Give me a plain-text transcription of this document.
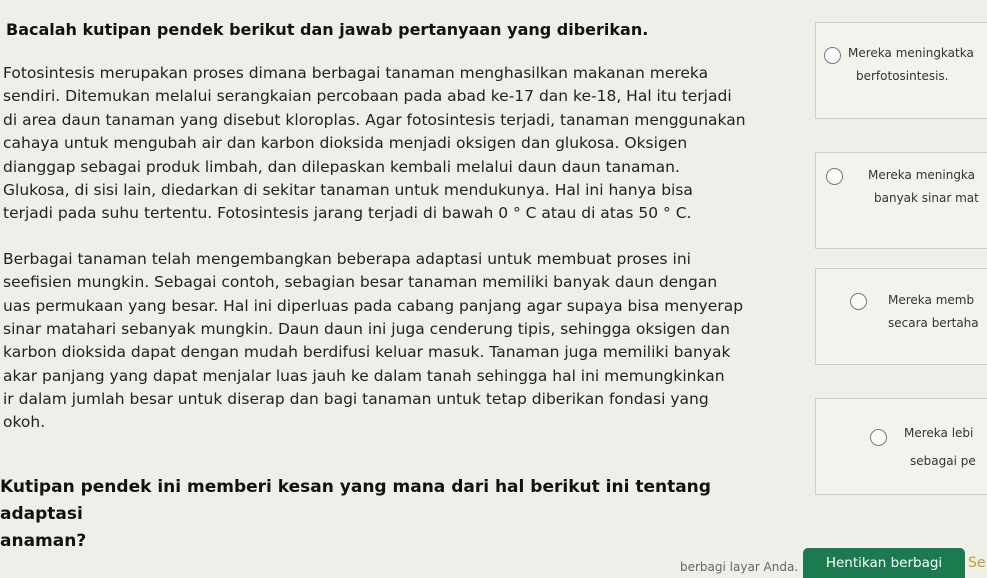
Bacalah kutipan pendek berikut dan jawab pertanyaan yang diberikan.
Fotosintesis merupakan proses dimana berbagai tanaman menghasilkan makanan mereka
sendiri. Ditemukan melalui serangkaian percobaan pada abad ke-17 dan ke-18, Hal itu terjadi
di area daun tanaman yang disebut kloroplas. Agar fotosintesis terjadi, tanaman menggunakan
cahaya untuk mengubah air dan karbon dioksida menjadi oksigen dan glukosa. Oksigen
dianggap sebagai produk limbah, dan dilepaskan kembali melalui daun daun tanaman.
Glukosa, di sisi lain, diedarkan di sekitar tanaman untuk mendukunya. Hal ini hanya bisa
terjadi pada suhu tertentu. Fotosintesis jarang terjadi di bawah 0 ° C atau di atas 50 ° C.
Berbagai tanaman telah mengembangkan beberapa adaptasi untuk membuat proses ini
seefisien mungkin. Sebagai contoh, sebagian besar tanaman memiliki banyak daun dengan
uas permukaan yang besar. Hal ini diperluas pada cabang panjang agar supaya bisa menyerap
sinar matahari sebanyak mungkin. Daun daun ini juga cenderung tipis, sehingga oksigen dan
karbon dioksida dapat dengan mudah berdifusi keluar masuk. Tanaman juga memiliki banyak
akar panjang yang dapat menjalar luas jauh ke dalam tanah sehingga hal ini memungkinkan
ir dalam jumlah besar untuk diserap dan bagi tanaman untuk tetap diberikan fondasi yang
okoh.
Kutipan pendek ini memberi kesan yang mana dari hal berikut ini tentang adaptasi
anaman?
Mereka meningkatka
berfotosintesis.
Mereka meningka
banyak sinar mat
Mereka memb
secara bertaha
Mereka lebi
sebagai pe
berbagi layar Anda.	Hentikan berbagi	Se
